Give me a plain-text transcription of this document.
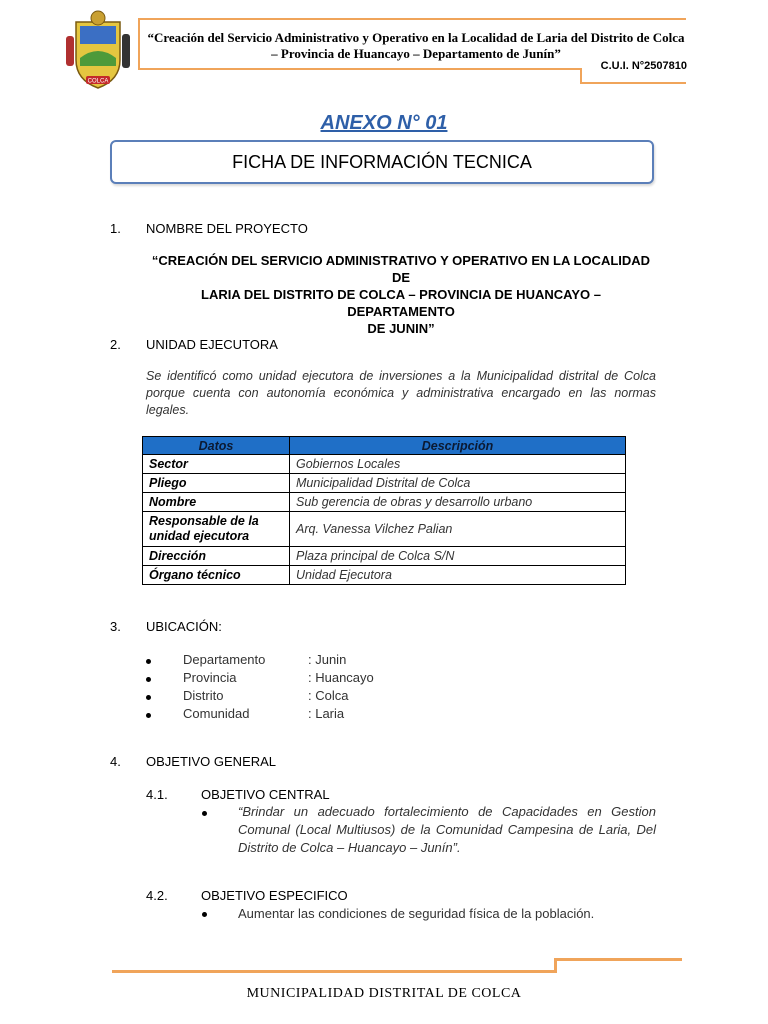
COLCA
“Creación del Servicio Administrativo y Operativo en la Localidad de Laria del Distrito de Colca
– Provincia de Huancayo – Departamento de Junín”
C.U.I. N°2507810
ANEXO N° 01
FICHA DE INFORMACIÓN TECNICA
1. NOMBRE DEL PROYECTO
“CREACIÓN DEL SERVICIO ADMINISTRATIVO Y OPERATIVO EN LA LOCALIDAD DE
LARIA DEL DISTRITO DE COLCA – PROVINCIA DE HUANCAYO – DEPARTAMENTO
DE JUNIN”
2. UNIDAD EJECUTORA
Se identificó como unidad ejecutora de inversiones a la Municipalidad distrital de Colca porque cuenta con autonomía económica y administrativa encargado en las normas legales.
Datos	Descripción
Sector	Gobiernos Locales
Pliego	Municipalidad Distrital de Colca
Nombre	Sub gerencia de obras y desarrollo urbano
Responsable de la unidad ejecutora	Arq. Vanessa Vilchez Palian
Dirección	Plaza principal de Colca S/N
Órgano técnico	Unidad Ejecutora
3. UBICACIÓN:
Departamento	: Junin
Provincia	: Huancayo
Distrito	: Colca
Comunidad	: Laria
4. OBJETIVO GENERAL
4.1.	OBJETIVO CENTRAL
“Brindar un adecuado fortalecimiento de Capacidades en Gestion Comunal (Local Multiusos) de la Comunidad Campesina de Laria, Del Distrito de Colca – Huancayo – Junín”.
4.2.	OBJETIVO ESPECIFICO
Aumentar las condiciones de seguridad física de la población.
MUNICIPALIDAD DISTRITAL DE COLCA
